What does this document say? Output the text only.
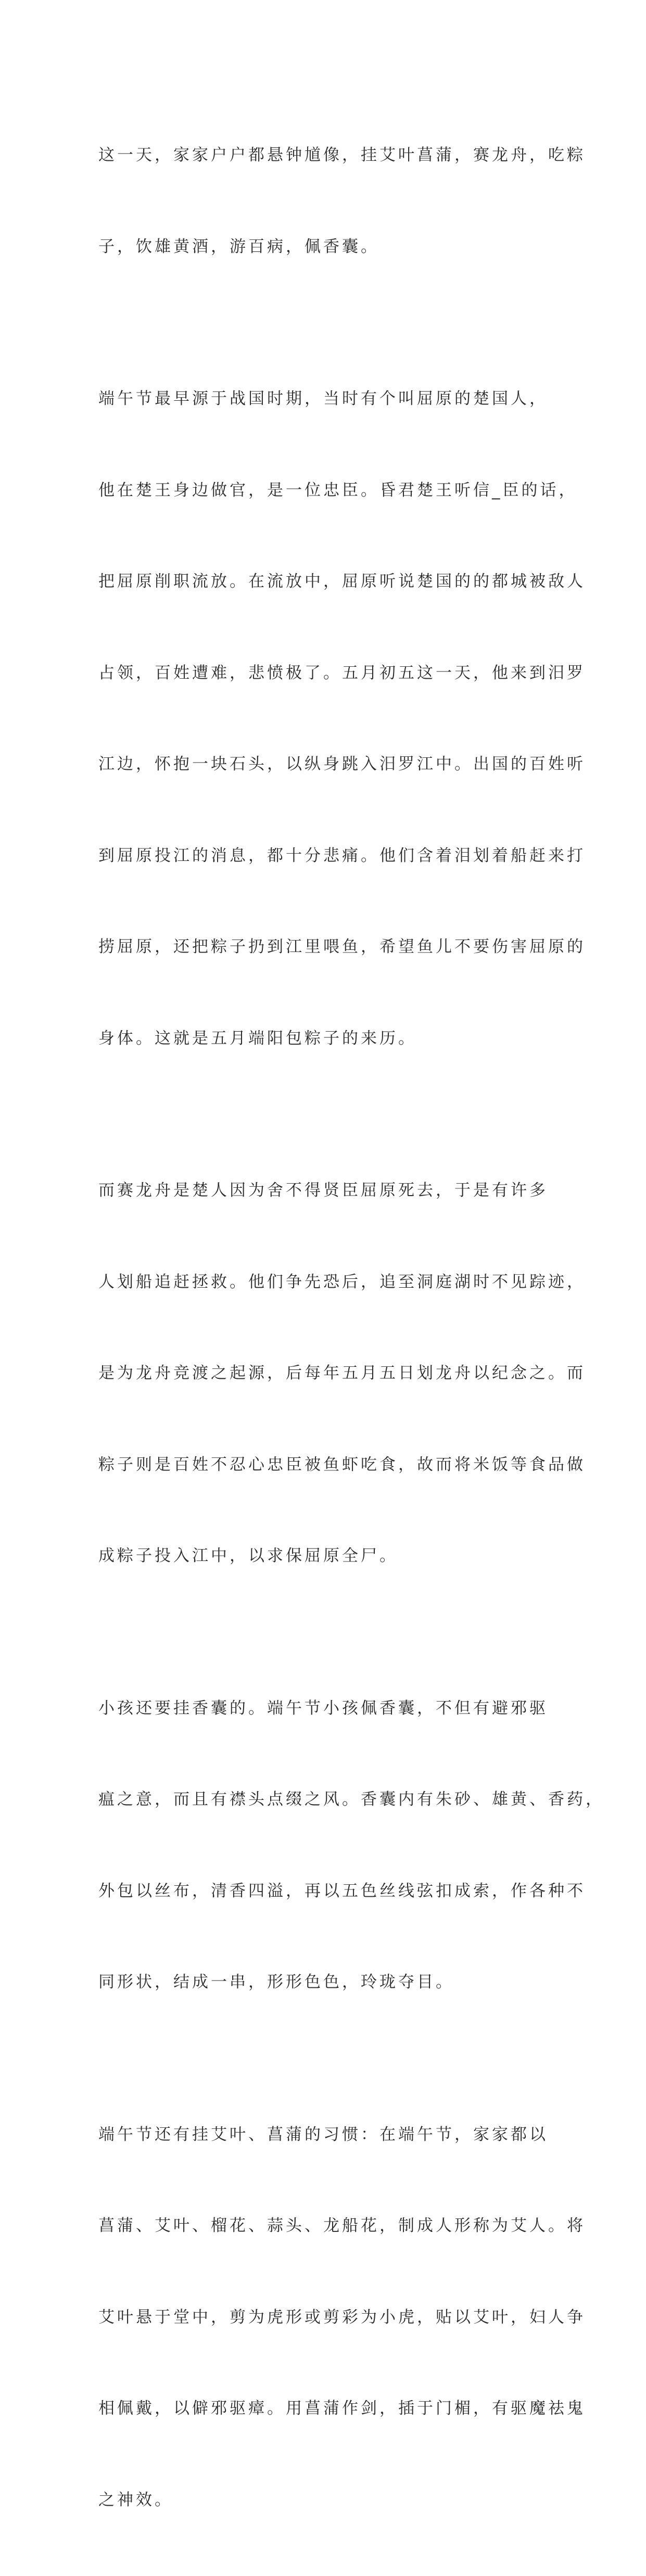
这一天，家家户户都悬钟馗像，挂艾叶菖蒲，赛龙舟，吃粽

子，饮雄黄酒，游百病，佩香囊。

端午节最早源于战国时期，当时有个叫屈原的楚国人，

他在楚王身边做官，是一位忠臣。昏君楚王听信_臣的话，

把屈原削职流放。在流放中，屈原听说楚国的的都城被敌人

占领，百姓遭难，悲愤极了。五月初五这一天，他来到汨罗

江边，怀抱一块石头，以纵身跳入汨罗江中。出国的百姓听

到屈原投江的消息，都十分悲痛。他们含着泪划着船赶来打

捞屈原，还把粽子扔到江里喂鱼，希望鱼儿不要伤害屈原的

身体。这就是五月端阳包粽子的来历。

而赛龙舟是楚人因为舍不得贤臣屈原死去，于是有许多

人划船追赶拯救。他们争先恐后，追至洞庭湖时不见踪迹，

是为龙舟竞渡之起源，后每年五月五日划龙舟以纪念之。而

粽子则是百姓不忍心忠臣被鱼虾吃食，故而将米饭等食品做

成粽子投入江中，以求保屈原全尸。

小孩还要挂香囊的。端午节小孩佩香囊，不但有避邪驱

瘟之意，而且有襟头点缀之风。香囊内有朱砂、雄黄、香药，

外包以丝布，清香四溢，再以五色丝线弦扣成索，作各种不

同形状，结成一串，形形色色，玲珑夺目。

端午节还有挂艾叶、菖蒲的习惯：在端午节，家家都以

菖蒲、艾叶、榴花、蒜头、龙船花，制成人形称为艾人。将

艾叶悬于堂中，剪为虎形或剪彩为小虎，贴以艾叶，妇人争

相佩戴，以僻邪驱瘴。用菖蒲作剑，插于门楣，有驱魔祛鬼

之神效。
